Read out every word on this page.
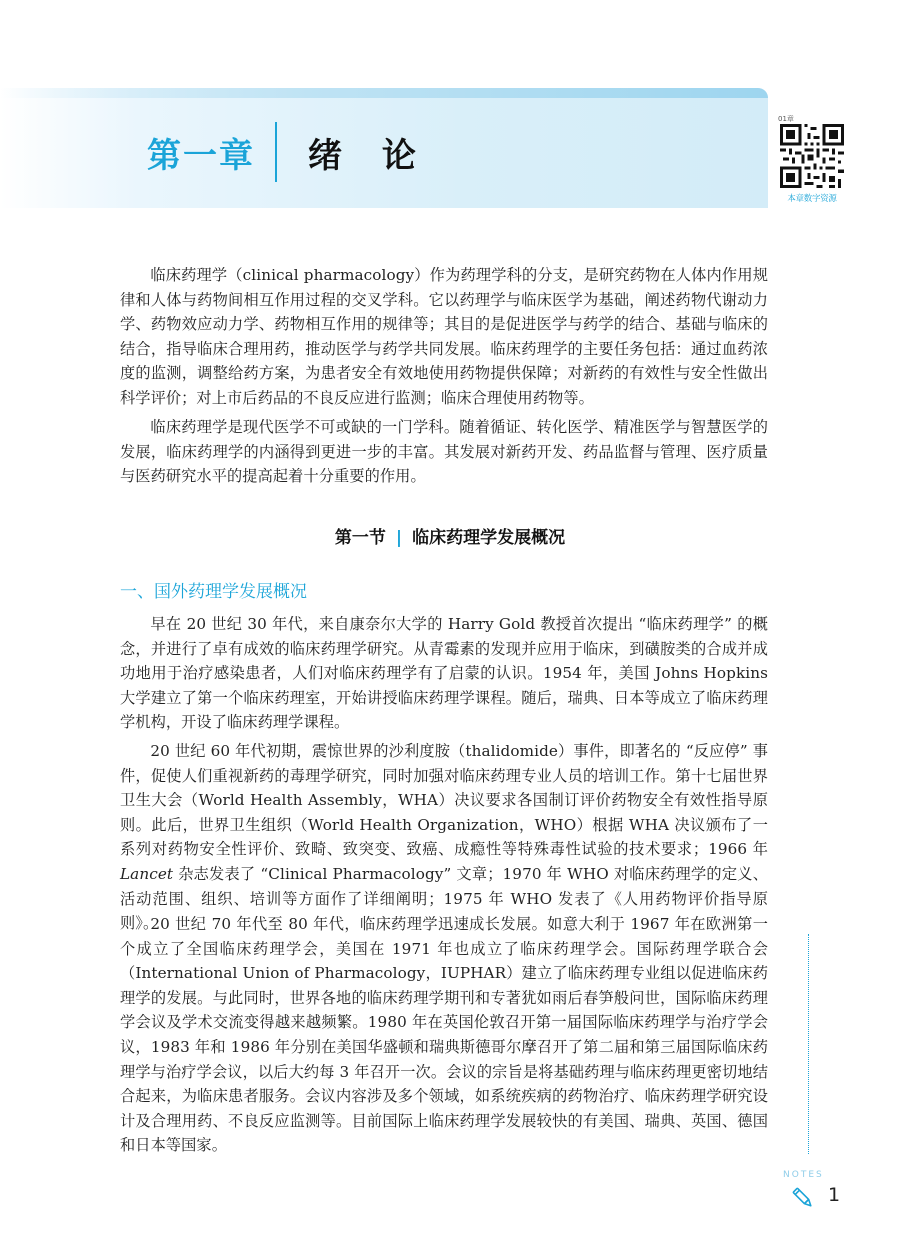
第一章 绪 论
01章
本章数字资源

临床药理学（clinical pharmacology）作为药理学科的分支，是研究药物在人体内作用规律和人体与药物间相互作用过程的交叉学科。它以药理学与临床医学为基础，阐述药物代谢动力学、药物效应动力学、药物相互作用的规律等；其目的是促进医学与药学的结合、基础与临床的结合，指导临床合理用药，推动医学与药学共同发展。临床药理学的主要任务包括：通过血药浓度的监测，调整给药方案，为患者安全有效地使用药物提供保障；对新药的有效性与安全性做出科学评价；对上市后药品的不良反应进行监测；临床合理使用药物等。

临床药理学是现代医学不可或缺的一门学科。随着循证、转化医学、精准医学与智慧医学的发展，临床药理学的内涵得到更进一步的丰富。其发展对新药开发、药品监督与管理、医疗质量与医药研究水平的提高起着十分重要的作用。

第一节 | 临床药理学发展概况
一、国外药理学发展概况

早在 20 世纪 30 年代，来自康奈尔大学的 Harry Gold 教授首次提出 “临床药理学” 的概念，并进行了卓有成效的临床药理学研究。从青霉素的发现并应用于临床，到磺胺类的合成并成功地用于治疗感染患者，人们对临床药理学有了启蒙的认识。1954 年，美国 Johns Hopkins 大学建立了第一个临床药理室，开始讲授临床药理学课程。随后，瑞典、日本等成立了临床药理学机构，开设了临床药理学课程。

20 世纪 60 年代初期，震惊世界的沙利度胺（thalidomide）事件，即著名的 “反应停” 事件，促使人们重视新药的毒理学研究，同时加强对临床药理专业人员的培训工作。第十七届世界卫生大会（World Health Assembly，WHA）决议要求各国制订评价药物安全有效性指导原则。此后，世界卫生组织（World Health Organization，WHO）根据 WHA 决议颁布了一系列对药物安全性评价、致畸、致突变、致癌、成瘾性等特殊毒性试验的技术要求；1966 年 Lancet 杂志发表了 “Clinical Pharmacology” 文章；1970 年 WHO 对临床药理学的定义、活动范围、组织、培训等方面作了详细阐明；1975 年 WHO 发表了《人用药物评价指导原则》。

20 世纪 70 年代至 80 年代，临床药理学迅速成长发展。如意大利于 1967 年在欧洲第一个成立了全国临床药理学会，美国在 1971 年也成立了临床药理学会。国际药理学联合会（International Union of Pharmacology，IUPHAR）建立了临床药理专业组以促进临床药理学的发展。与此同时，世界各地的临床药理学期刊和专著犹如雨后春笋般问世，国际临床药理学会议及学术交流变得越来越频繁。1980 年在英国伦敦召开第一届国际临床药理学与治疗学会议，1983 年和 1986 年分别在美国华盛顿和瑞典斯德哥尔摩召开了第二届和第三届国际临床药理学与治疗学会议，以后大约每 3 年召开一次。会议的宗旨是将基础药理与临床药理更密切地结合起来，为临床患者服务。会议内容涉及多个领域，如系统疾病的药物治疗、临床药理学研究设计及合理用药、不良反应监测等。目前国际上临床药理学发展较快的有美国、瑞典、英国、德国和日本等国家。

NOTES
1
